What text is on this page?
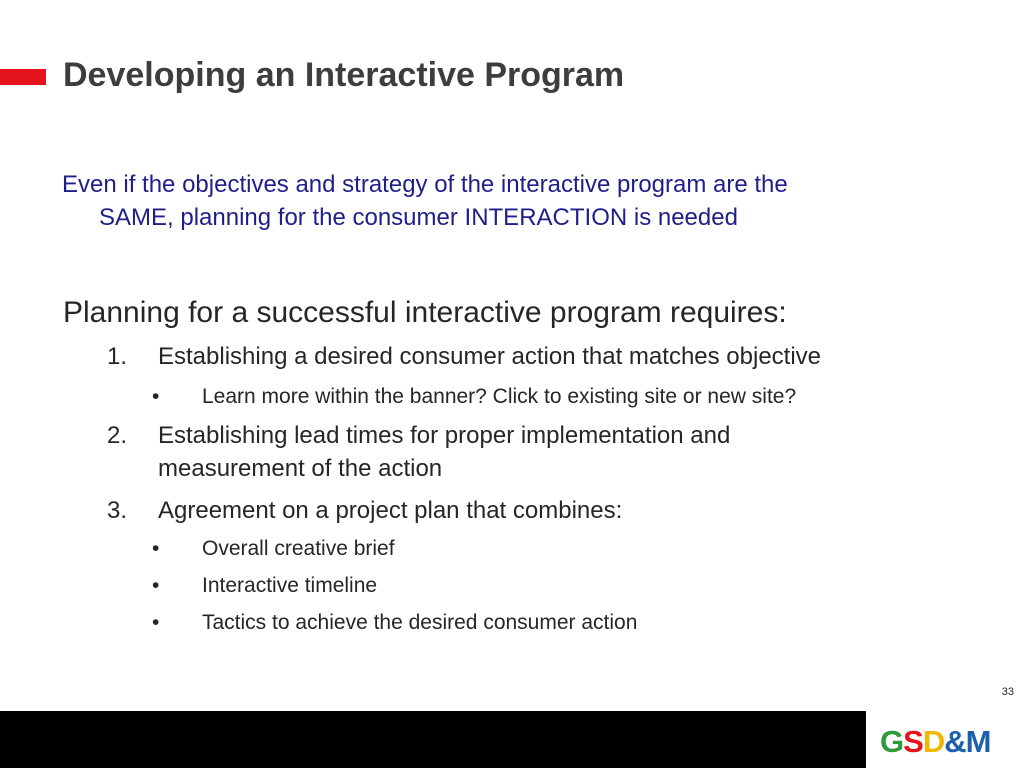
Developing an Interactive Program
Even if the objectives and strategy of the interactive program are the
SAME, planning for the consumer INTERACTION is needed
Planning for a successful interactive program requires:
1.	Establishing a desired consumer action that matches objective
•	Learn more within the banner? Click to existing site or new site?
2.	Establishing lead times for proper implementation and
measurement of the action
3.	Agreement on a project plan that combines:
•	Overall creative brief
•	Interactive timeline
•	Tactics to achieve the desired consumer action
33
GSD&M
